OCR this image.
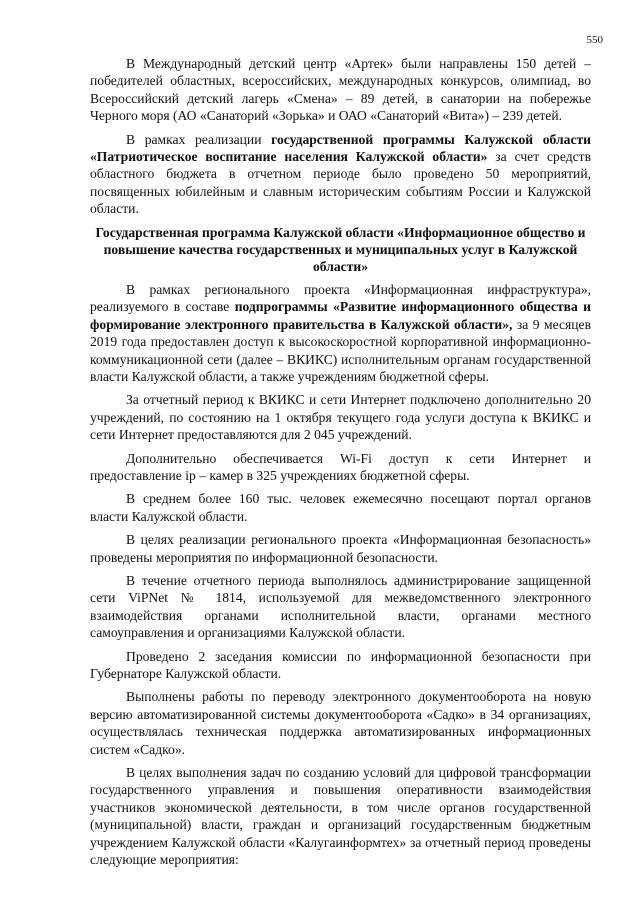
550

В Международный детский центр «Артек» были направлены 150 детей – победителей областных, всероссийских, международных конкурсов, олимпиад, во Всероссийский детский лагерь «Смена» – 89 детей, в санатории на побережье Черного моря (АО «Санаторий «Зорька» и ОАО «Санаторий «Вита») – 239 детей.

В рамках реализации государственной программы Калужской области «Патриотическое воспитание населения Калужской области» за счет средств областного бюджета в отчетном периоде было проведено 50 мероприятий, посвященных юбилейным и славным историческим событиям России и Калужской области.

Государственная программа Калужской области «Информационное общество и повышение качества государственных и муниципальных услуг в Калужской области»

В рамках регионального проекта «Информационная инфраструктура», реализуемого в составе подпрограммы «Развитие информационного общества и формирование электронного правительства в Калужской области», за 9 месяцев 2019 года предоставлен доступ к высокоскоростной корпоративной информационно-коммуникационной сети (далее – ВКИКС) исполнительным органам государственной власти Калужской области, а также учреждениям бюджетной сферы.

За отчетный период к ВКИКС и сети Интернет подключено дополнительно 20 учреждений, по состоянию на 1 октября текущего года услуги доступа к ВКИКС и сети Интернет предоставляются для 2 045 учреждений.

Дополнительно обеспечивается Wi-Fi доступ к сети Интернет и предоставление ip – камер в 325 учреждениях бюджетной сферы.

В среднем более 160 тыс. человек ежемесячно посещают портал органов власти Калужской области.

В целях реализации регионального проекта «Информационная безопасность» проведены мероприятия по информационной безопасности.

В течение отчетного периода выполнялось администрирование защищенной сети ViPNet № 1814, используемой для межведомственного электронного взаимодействия органами исполнительной власти, органами местного самоуправления и организациями Калужской области.

Проведено 2 заседания комиссии по информационной безопасности при Губернаторе Калужской области.

Выполнены работы по переводу электронного документооборота на новую версию автоматизированной системы документооборота «Садко» в 34 организациях, осуществлялась техническая поддержка автоматизированных информационных систем «Садко».

В целях выполнения задач по созданию условий для цифровой трансформации государственного управления и повышения оперативности взаимодействия участников экономической деятельности, в том числе органов государственной (муниципальной) власти, граждан и организаций государственным бюджетным учреждением Калужской области «Калугаинформтех» за отчетный период проведены следующие мероприятия:
